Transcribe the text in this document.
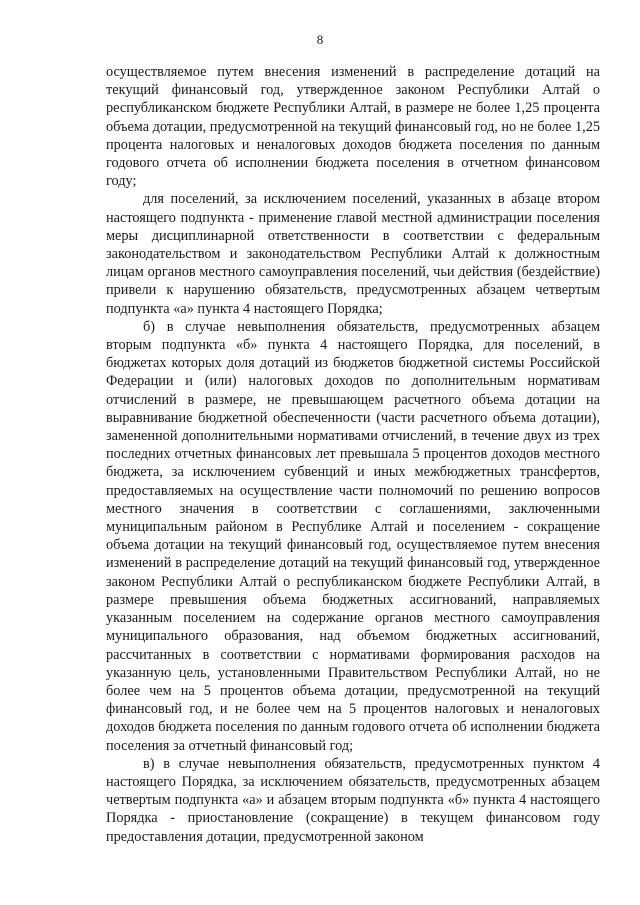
8

осуществляемое путем внесения изменений в распределение дотаций на текущий финансовый год, утвержденное законом Республики Алтай о республиканском бюджете Республики Алтай, в размере не более 1,25 процента объема дотации, предусмотренной на текущий финансовый год, но не более 1,25 процента налоговых и неналоговых доходов бюджета поселения по данным годового отчета об исполнении бюджета поселения в отчетном финансовом году;

для поселений, за исключением поселений, указанных в абзаце втором настоящего подпункта - применение главой местной администрации поселения меры дисциплинарной ответственности в соответствии с федеральным законодательством и законодательством Республики Алтай к должностным лицам органов местного самоуправления поселений, чьи действия (бездействие) привели к нарушению обязательств, предусмотренных абзацем четвертым подпункта «а» пункта 4 настоящего Порядка;

б) в случае невыполнения обязательств, предусмотренных абзацем вторым подпункта «б» пункта 4 настоящего Порядка, для поселений, в бюджетах которых доля дотаций из бюджетов бюджетной системы Российской Федерации и (или) налоговых доходов по дополнительным нормативам отчислений в размере, не превышающем расчетного объема дотации на выравнивание бюджетной обеспеченности (части расчетного объема дотации), замененной дополнительными нормативами отчислений, в течение двух из трех последних отчетных финансовых лет превышала 5 процентов доходов местного бюджета, за исключением субвенций и иных межбюджетных трансфертов, предоставляемых на осуществление части полномочий по решению вопросов местного значения в соответствии с соглашениями, заключенными муниципальным районом в Республике Алтай и поселением - сокращение объема дотации на текущий финансовый год, осуществляемое путем внесения изменений в распределение дотаций на текущий финансовый год, утвержденное законом Республики Алтай о республиканском бюджете Республики Алтай, в размере превышения объема бюджетных ассигнований, направляемых указанным поселением на содержание органов местного самоуправления муниципального образования, над объемом бюджетных ассигнований, рассчитанных в соответствии с нормативами формирования расходов на указанную цель, установленными Правительством Республики Алтай, но не более чем на 5 процентов объема дотации, предусмотренной на текущий финансовый год, и не более чем на 5 процентов налоговых и неналоговых доходов бюджета поселения по данным годового отчета об исполнении бюджета поселения за отчетный финансовый год;

в) в случае невыполнения обязательств, предусмотренных пунктом 4 настоящего Порядка, за исключением обязательств, предусмотренных абзацем четвертым подпункта «а» и абзацем вторым подпункта «б» пункта 4 настоящего Порядка - приостановление (сокращение) в текущем финансовом году предоставления дотации, предусмотренной законом
